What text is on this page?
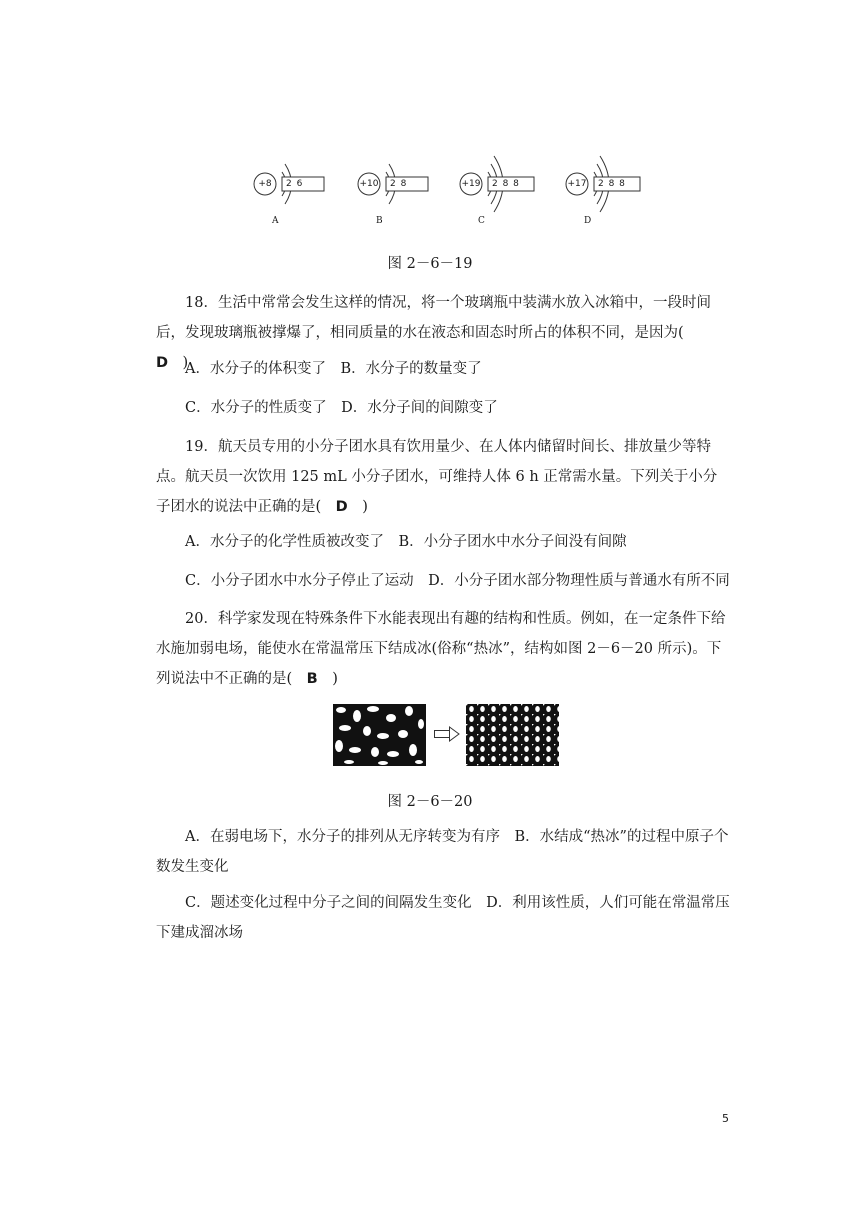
+8	2 6
A
+10	2 8
B
+19	2 8 8
C
+17	2 8 8
D
图 2－6－19

18．生活中常常会发生这样的情况，将一个玻璃瓶中装满水放入冰箱中，一段时间后，发现玻璃瓶被撑爆了，相同质量的水在液态和固态时所占的体积不同，是因为(　D　)

A．水分子的体积变了　B．水分子的数量变了

C．水分子的性质变了　D．水分子间的间隙变了

19．航天员专用的小分子团水具有饮用量少、在人体内储留时间长、排放量少等特点。航天员一次饮用 125 mL 小分子团水，可维持人体 6 h 正常需水量。下列关于小分子团水的说法中正确的是(　D　)

A．水分子的化学性质被改变了　B．小分子团水中水分子间没有间隙

C．小分子团水中水分子停止了运动　D．小分子团水部分物理性质与普通水有所不同

20．科学家发现在特殊条件下水能表现出有趣的结构和性质。例如，在一定条件下给水施加弱电场，能使水在常温常压下结成冰(俗称“热冰”，结构如图 2－6－20 所示)。下列说法中不正确的是(　B　)

图 2－6－20

A．在弱电场下，水分子的排列从无序转变为有序　B．水结成“热冰”的过程中原子个数发生变化

C．题述变化过程中分子之间的间隔发生变化　D．利用该性质，人们可能在常温常压下建成溜冰场

5
